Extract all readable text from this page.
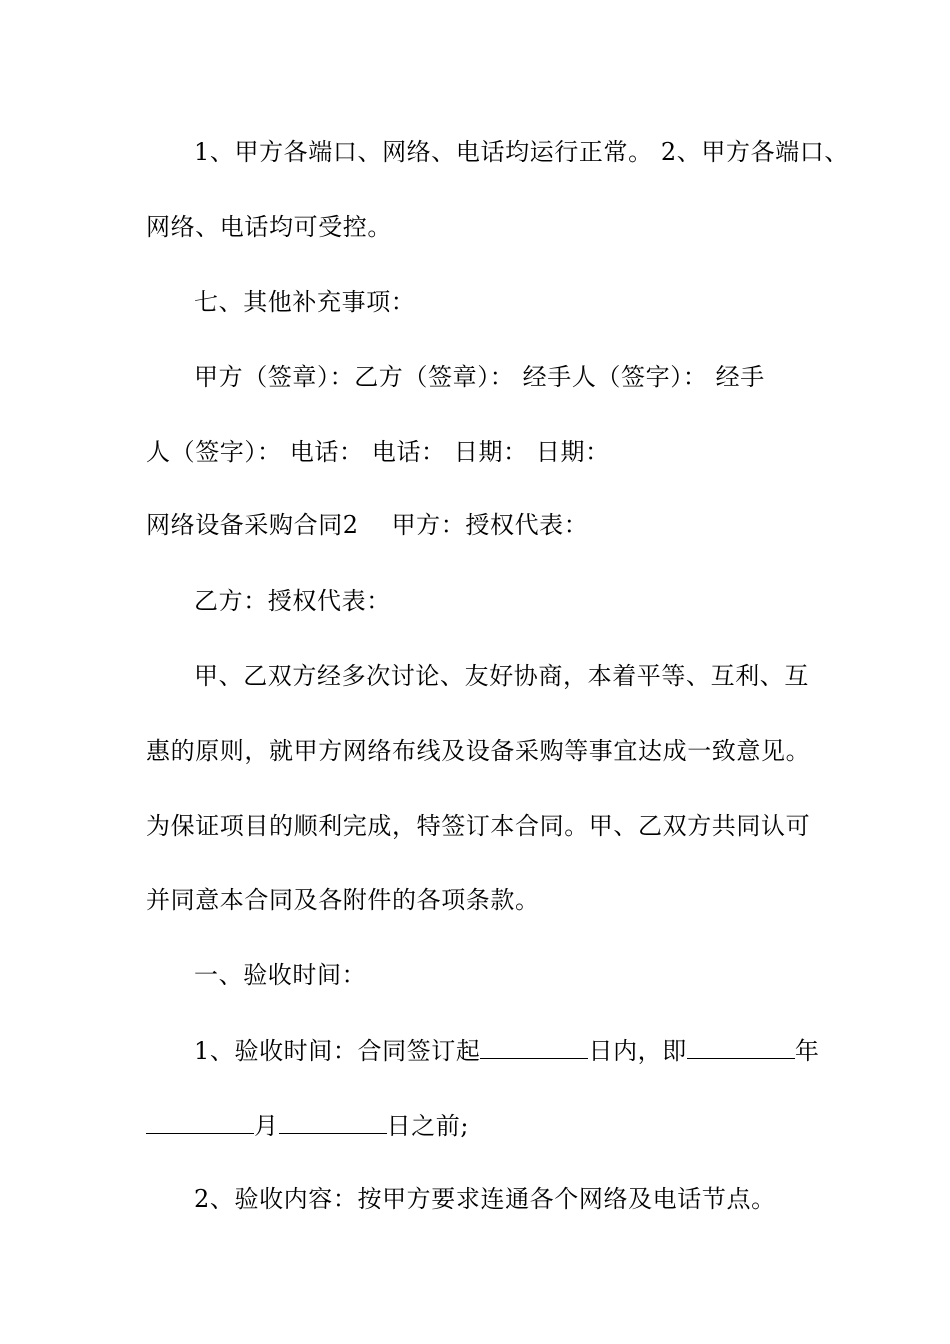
1、甲方各端口、网络、电话均运行正常。 2、甲方各端口、
网络、电话均可受控。
七、其他补充事项：
甲方（签章）：乙方（签章）： 经手人（签字）： 经手
人（签字）： 电话： 电话： 日期： 日期：
网络设备采购合同2    甲方：授权代表：
乙方：授权代表：
甲、乙双方经多次讨论、友好协商，本着平等、互利、互
惠的原则，就甲方网络布线及设备采购等事宜达成一致意见。
为保证项目的顺利完成，特签订本合同。甲、乙双方共同认可
并同意本合同及各附件的各项条款。
一、验收时间：
1、验收时间：合同签订起	日内，即	年
月	日之前;
2、验收内容：按甲方要求连通各个网络及电话节点。
